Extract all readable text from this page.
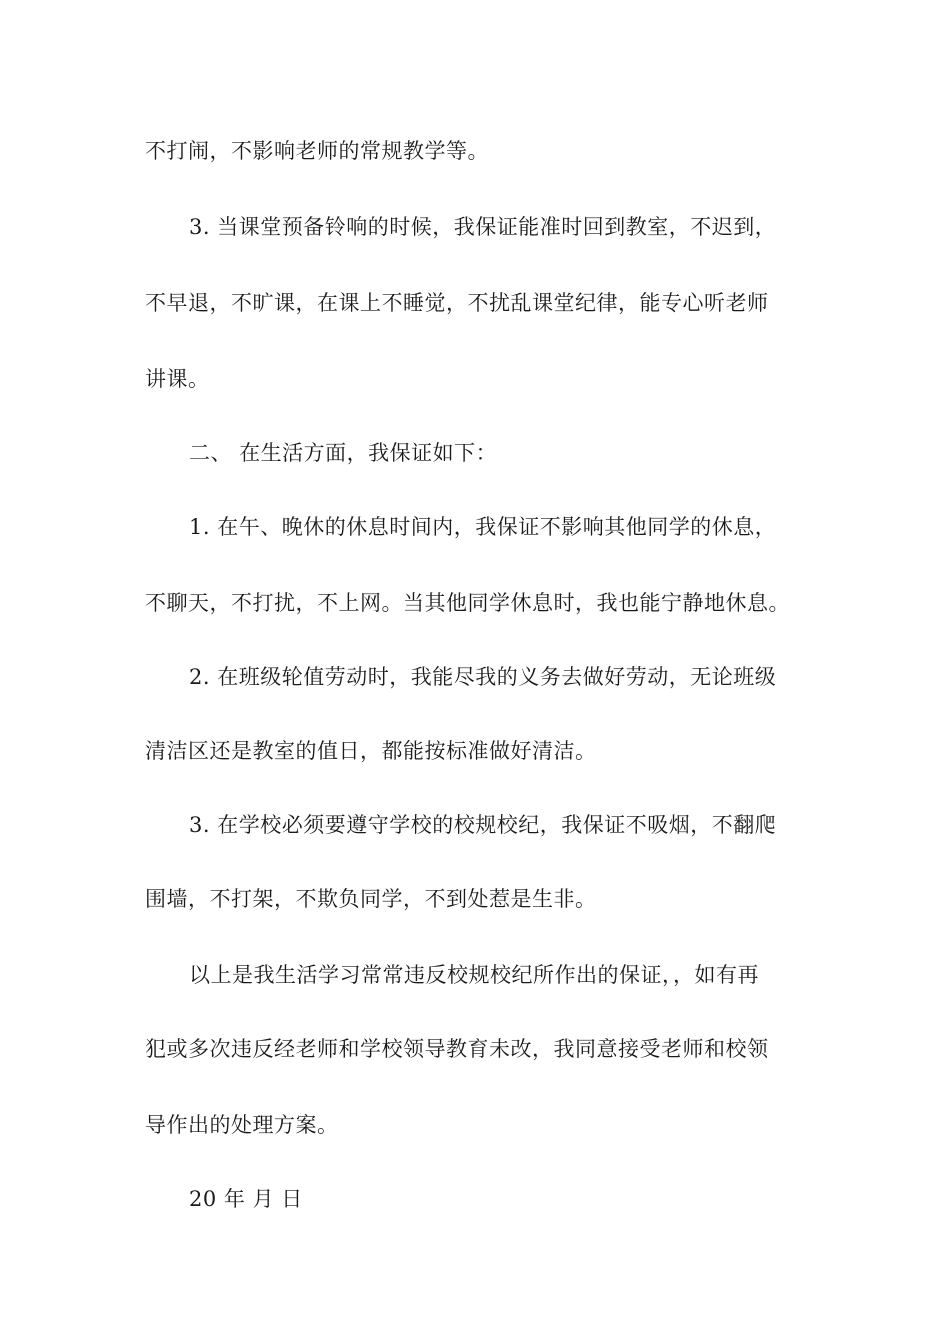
不打闹，不影响老师的常规教学等。
3. 当课堂预备铃响的时候，我保证能准时回到教室，不迟到，
不早退，不旷课，在课上不睡觉，不扰乱课堂纪律，能专心听老师
讲课。
二、 在生活方面，我保证如下：
1. 在午、晚休的休息时间内，我保证不影响其他同学的休息，
不聊天，不打扰，不上网。当其他同学休息时，我也能宁静地休息。
2. 在班级轮值劳动时，我能尽我的义务去做好劳动，无论班级
清洁区还是教室的值日，都能按标准做好清洁。
3. 在学校必须要遵守学校的校规校纪，我保证不吸烟，不翻爬
围墙，不打架，不欺负同学，不到处惹是生非。
以上是我生活学习常常违反校规校纪所作出的保证，，如有再
犯或多次违反经老师和学校领导教育未改，我同意接受老师和校领
导作出的处理方案。
20 年 月 日
